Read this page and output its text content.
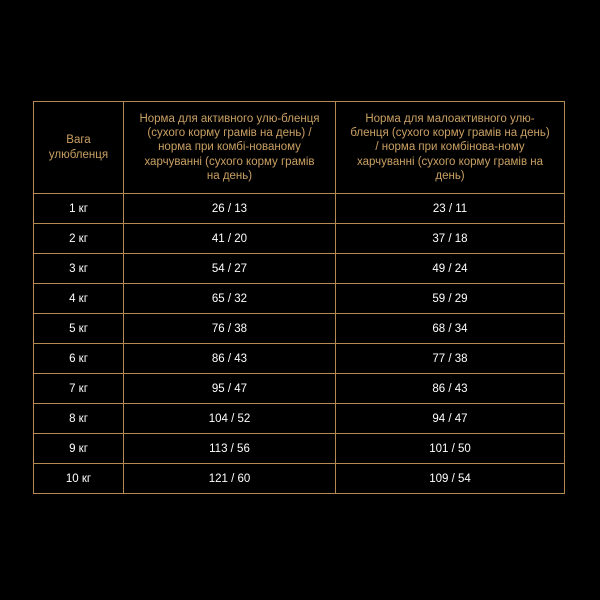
Вага улюбленця	Норма для активного улю-бленця (сухого корму грамів на день) / норма при комбі-нованому харчуванні (сухого корму грамів на день)	Норма для малоактивного улю-бленця (сухого корму грамів на день) / норма при комбінова-ному харчуванні (сухого корму грамів на день)

1 кг	26 / 13	23 / 11
2 кг	41 / 20	37 / 18
3 кг	54 / 27	49 / 24
4 кг	65 / 32	59 / 29
5 кг	76 / 38	68 / 34
6 кг	86 / 43	77 / 38
7 кг	95 / 47	86 / 43
8 кг	104 / 52	94 / 47
9 кг	113 / 56	101 / 50
10 кг	121 / 60	109 / 54
